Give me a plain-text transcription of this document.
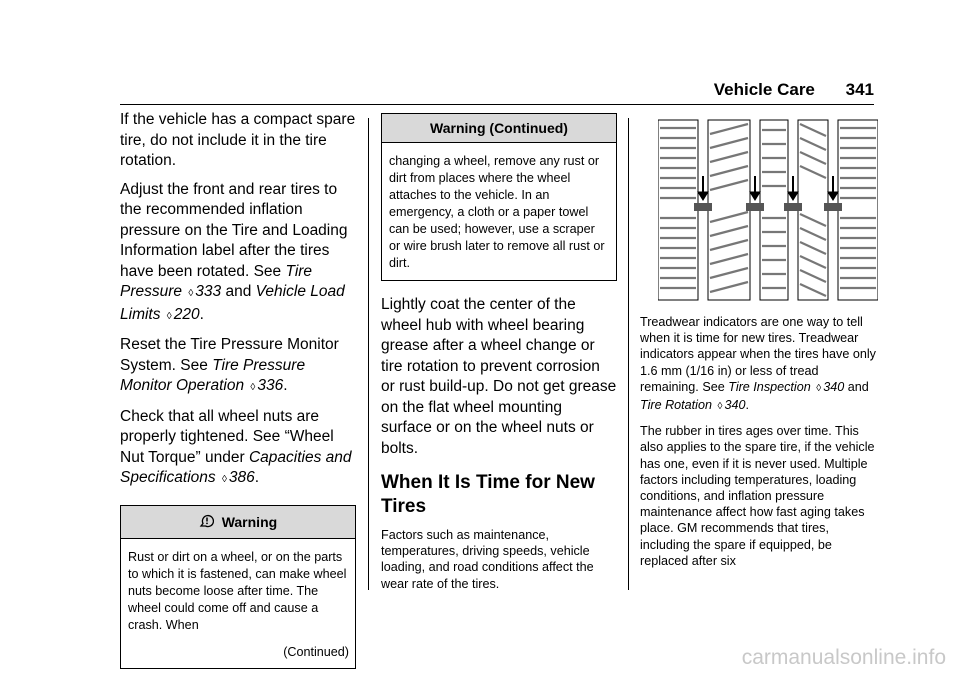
Vehicle Care 341

If the vehicle has a compact spare tire, do not include it in the tire rotation.

Adjust the front and rear tires to the recommended inflation pressure on the Tire and Loading Information label after the tires have been rotated. See Tire Pressure ◊ 333 and Vehicle Load Limits ◊ 220.

Reset the Tire Pressure Monitor System. See Tire Pressure Monitor Operation ◊ 336.

Check that all wheel nuts are properly tightened. See “Wheel Nut Torque” under Capacities and Specifications ◊ 386.

Warning
Rust or dirt on a wheel, or on the parts to which it is fastened, can make wheel nuts become loose after time. The wheel could come off and cause a crash. When
(Continued)
Warning (Continued)
changing a wheel, remove any rust or dirt from places where the wheel attaches to the vehicle. In an emergency, a cloth or a paper towel can be used; however, use a scraper or wire brush later to remove all rust or dirt.

Lightly coat the center of the wheel hub with wheel bearing grease after a wheel change or tire rotation to prevent corrosion or rust build-up. Do not get grease on the flat wheel mounting surface or on the wheel nuts or bolts.

When It Is Time for New Tires

Factors such as maintenance, temperatures, driving speeds, vehicle loading, and road conditions affect the wear rate of the tires.

Treadwear indicators are one way to tell when it is time for new tires. Treadwear indicators appear when the tires have only 1.6 mm (1/16 in) or less of tread remaining. See Tire Inspection ◊ 340 and Tire Rotation ◊ 340.

The rubber in tires ages over time. This also applies to the spare tire, if the vehicle has one, even if it is never used. Multiple factors including temperatures, loading conditions, and inflation pressure maintenance affect how fast aging takes place. GM recommends that tires, including the spare if equipped, be replaced after six

carmanualsonline.info
